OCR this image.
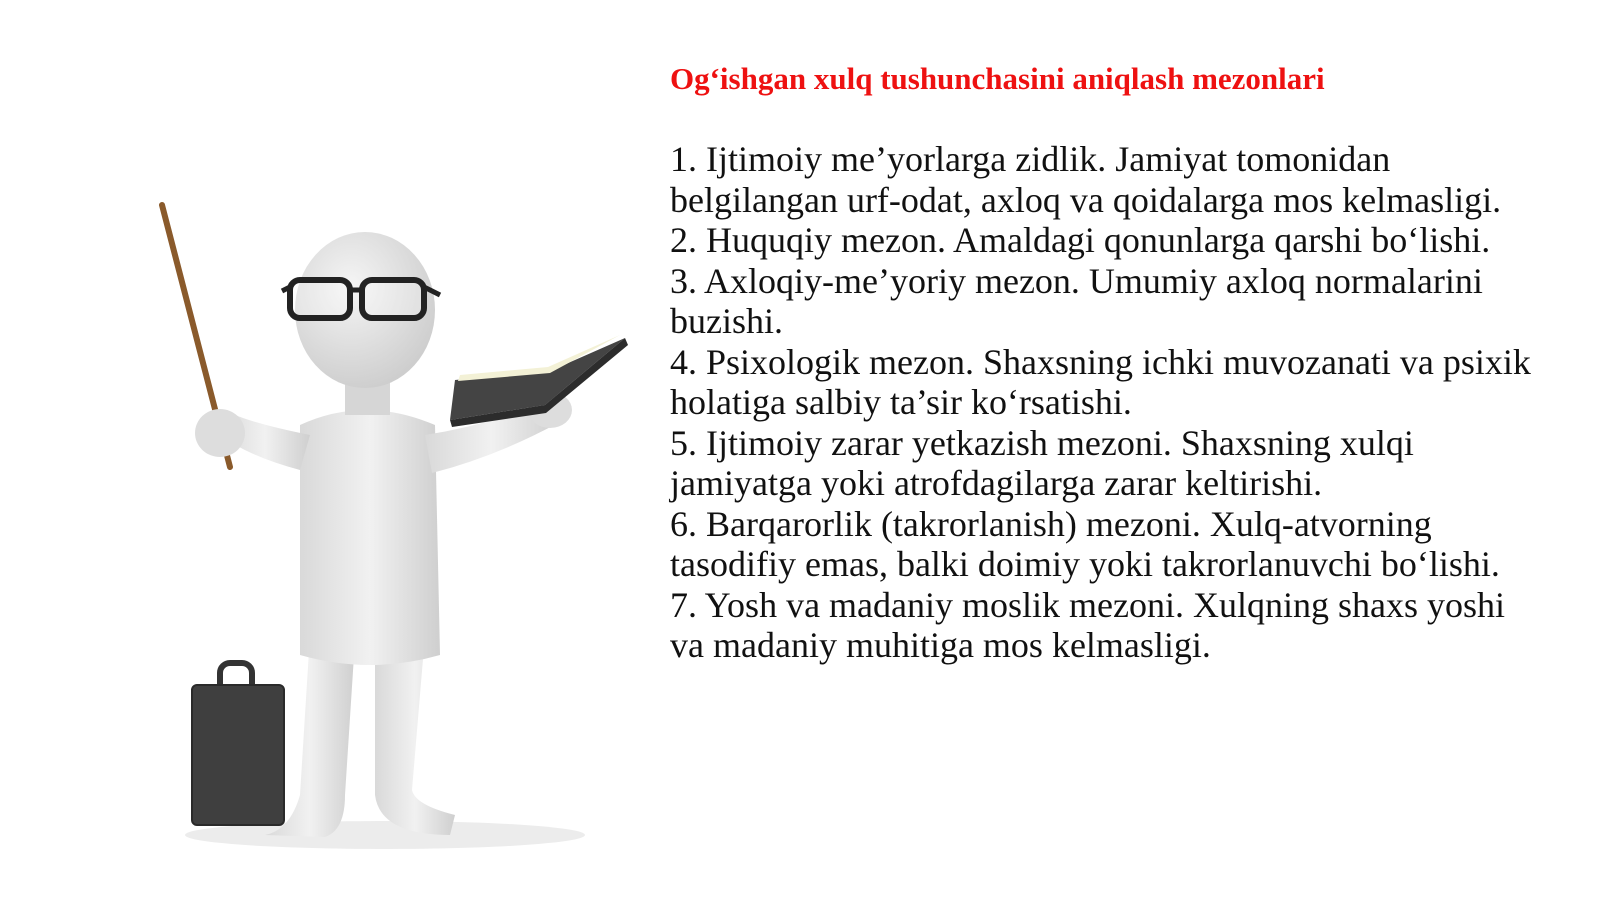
Og‘ishgan xulq tushunchasini aniqlash mezonlari
1. Ijtimoiy me’yorlarga zidlik. Jamiyat tomonidan belgilangan urf-odat, axloq va qoidalarga mos kelmasligi.
2. Huquqiy mezon. Amaldagi qonunlarga qarshi bo‘lishi.
3. Axloqiy-me’yoriy mezon. Umumiy axloq normalarini buzishi.
4. Psixologik mezon. Shaxsning ichki muvozanati va psixik holatiga salbiy ta’sir ko‘rsatishi.
5. Ijtimoiy zarar yetkazish mezoni. Shaxsning xulqi jamiyatga yoki atrofdagilarga zarar keltirishi.
6. Barqarorlik (takrorlanish) mezoni. Xulq-atvorning tasodifiy emas, balki doimiy yoki takrorlanuvchi bo‘lishi.
7. Yosh va madaniy moslik mezoni. Xulqning shaxs yoshi va madaniy muhitiga mos kelmasligi.
